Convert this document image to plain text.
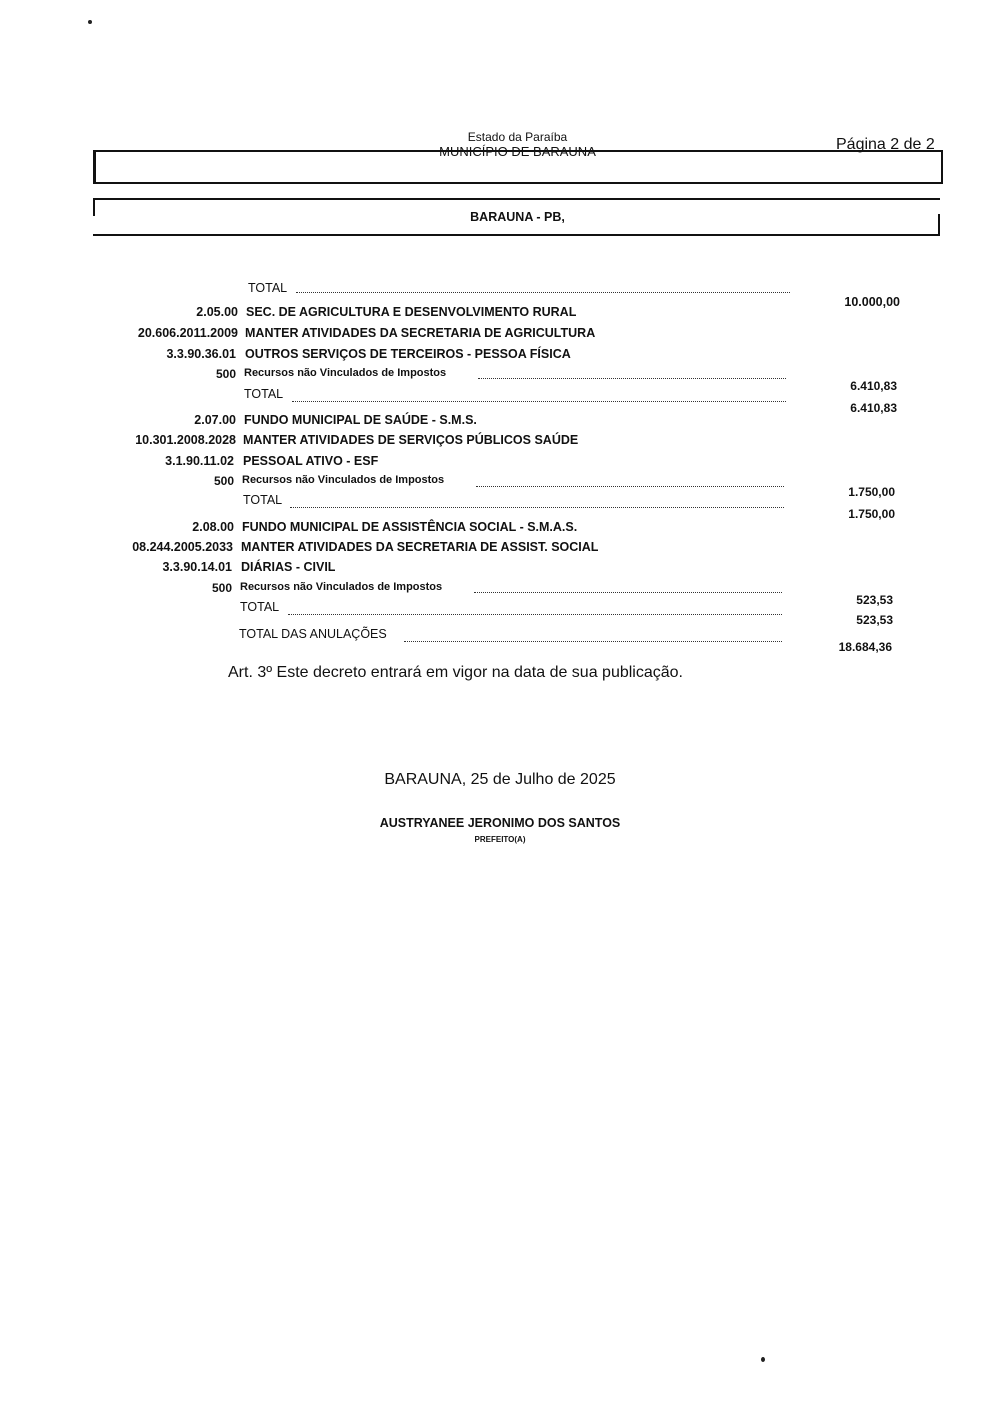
Estado da Paraíba
MUNICÍPIO DE BARAUNA	Página 2 de 2
BARAUNA - PB,
TOTAL
10.000,00
2.05.00 SEC. DE AGRICULTURA E DESENVOLVIMENTO RURAL
20.606.2011.2009 MANTER ATIVIDADES DA SECRETARIA DE AGRICULTURA
3.3.90.36.01 OUTROS SERVIÇOS DE TERCEIROS - PESSOA FÍSICA
500 Recursos não Vinculados de Impostos
6.410,83
TOTAL
6.410,83
2.07.00 FUNDO MUNICIPAL DE SAÚDE - S.M.S.
10.301.2008.2028 MANTER ATIVIDADES DE SERVIÇOS PÚBLICOS SAÚDE
3.1.90.11.02 PESSOAL ATIVO - ESF
500 Recursos não Vinculados de Impostos
1.750,00
TOTAL
1.750,00
2.08.00 FUNDO MUNICIPAL DE ASSISTÊNCIA SOCIAL - S.M.A.S.
08.244.2005.2033 MANTER ATIVIDADES DA SECRETARIA DE ASSIST. SOCIAL
3.3.90.14.01 DIÁRIAS - CIVIL
500 Recursos não Vinculados de Impostos
523,53
TOTAL
523,53
TOTAL DAS ANULAÇÕES
18.684,36
Art. 3º Este decreto entrará em vigor na data de sua publicação.
BARAUNA, 25 de Julho de 2025
AUSTRYANEE JERONIMO DOS SANTOS
PREFEITO(A)
